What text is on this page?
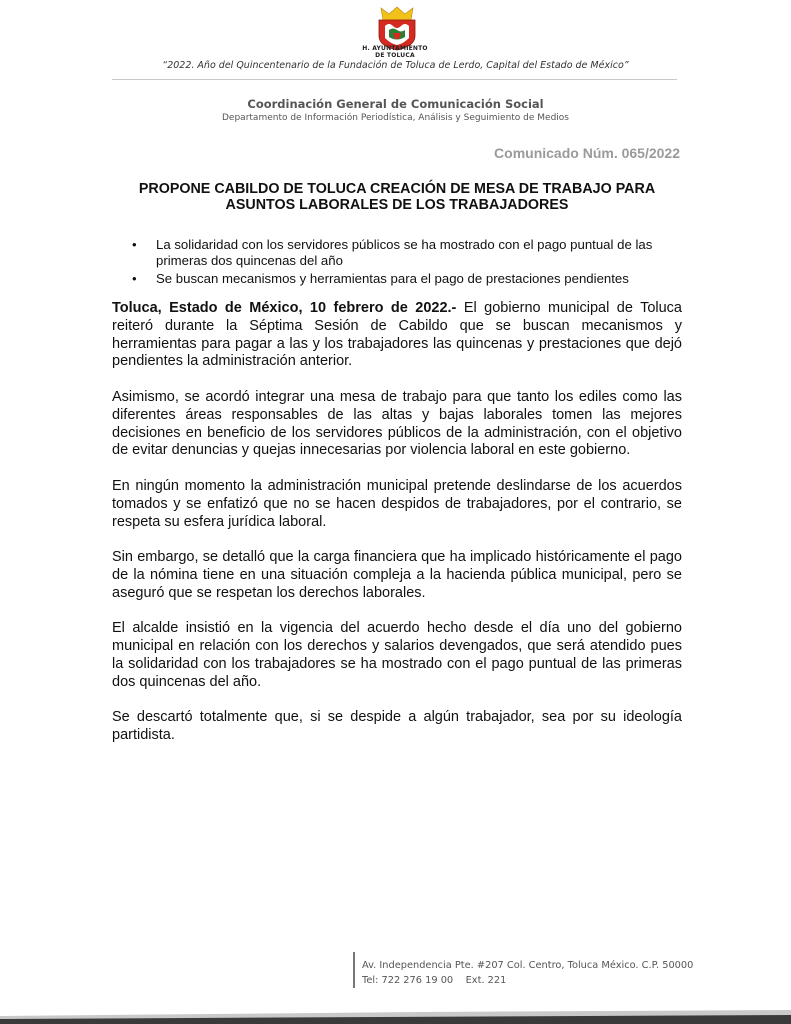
H. AYUNTAMIENTO
DE TOLUCA
“2022. Año del Quincentenario de la Fundación de Toluca de Lerdo, Capital del Estado de México”
Coordinación General de Comunicación Social
Departamento de Información Periodística, Análisis y Seguimiento de Medios
Comunicado Núm. 065/2022
PROPONE CABILDO DE TOLUCA CREACIÓN DE MESA DE TRABAJO PARA
ASUNTOS LABORALES DE LOS TRABAJADORES
• La solidaridad con los servidores públicos se ha mostrado con el pago puntual de las primeras dos quincenas del año
• Se buscan mecanismos y herramientas para el pago de prestaciones pendientes

Toluca, Estado de México, 10 febrero de 2022.- El gobierno municipal de Toluca reiteró durante la Séptima Sesión de Cabildo que se buscan mecanismos y herramientas para pagar a las y los trabajadores las quincenas y prestaciones que dejó pendientes la administración anterior.

Asimismo, se acordó integrar una mesa de trabajo para que tanto los ediles como las diferentes áreas responsables de las altas y bajas laborales tomen las mejores decisiones en beneficio de los servidores públicos de la administración, con el objetivo de evitar denuncias y quejas innecesarias por violencia laboral en este gobierno.

En ningún momento la administración municipal pretende deslindarse de los acuerdos tomados y se enfatizó que no se hacen despidos de trabajadores, por el contrario, se respeta su esfera jurídica laboral.

Sin embargo, se detalló que la carga financiera que ha implicado históricamente el pago de la nómina tiene en una situación compleja a la hacienda pública municipal, pero se aseguró que se respetan los derechos laborales.

El alcalde insistió en la vigencia del acuerdo hecho desde el día uno del gobierno municipal en relación con los derechos y salarios devengados, que será atendido pues la solidaridad con los trabajadores se ha mostrado con el pago puntual de las primeras dos quincenas del año.

Se descartó totalmente que, si se despide a algún trabajador, sea por su ideología partidista.

Av. Independencia Pte. #207 Col. Centro, Toluca México. C.P. 50000
Tel: 722 276 19 00    Ext. 221
